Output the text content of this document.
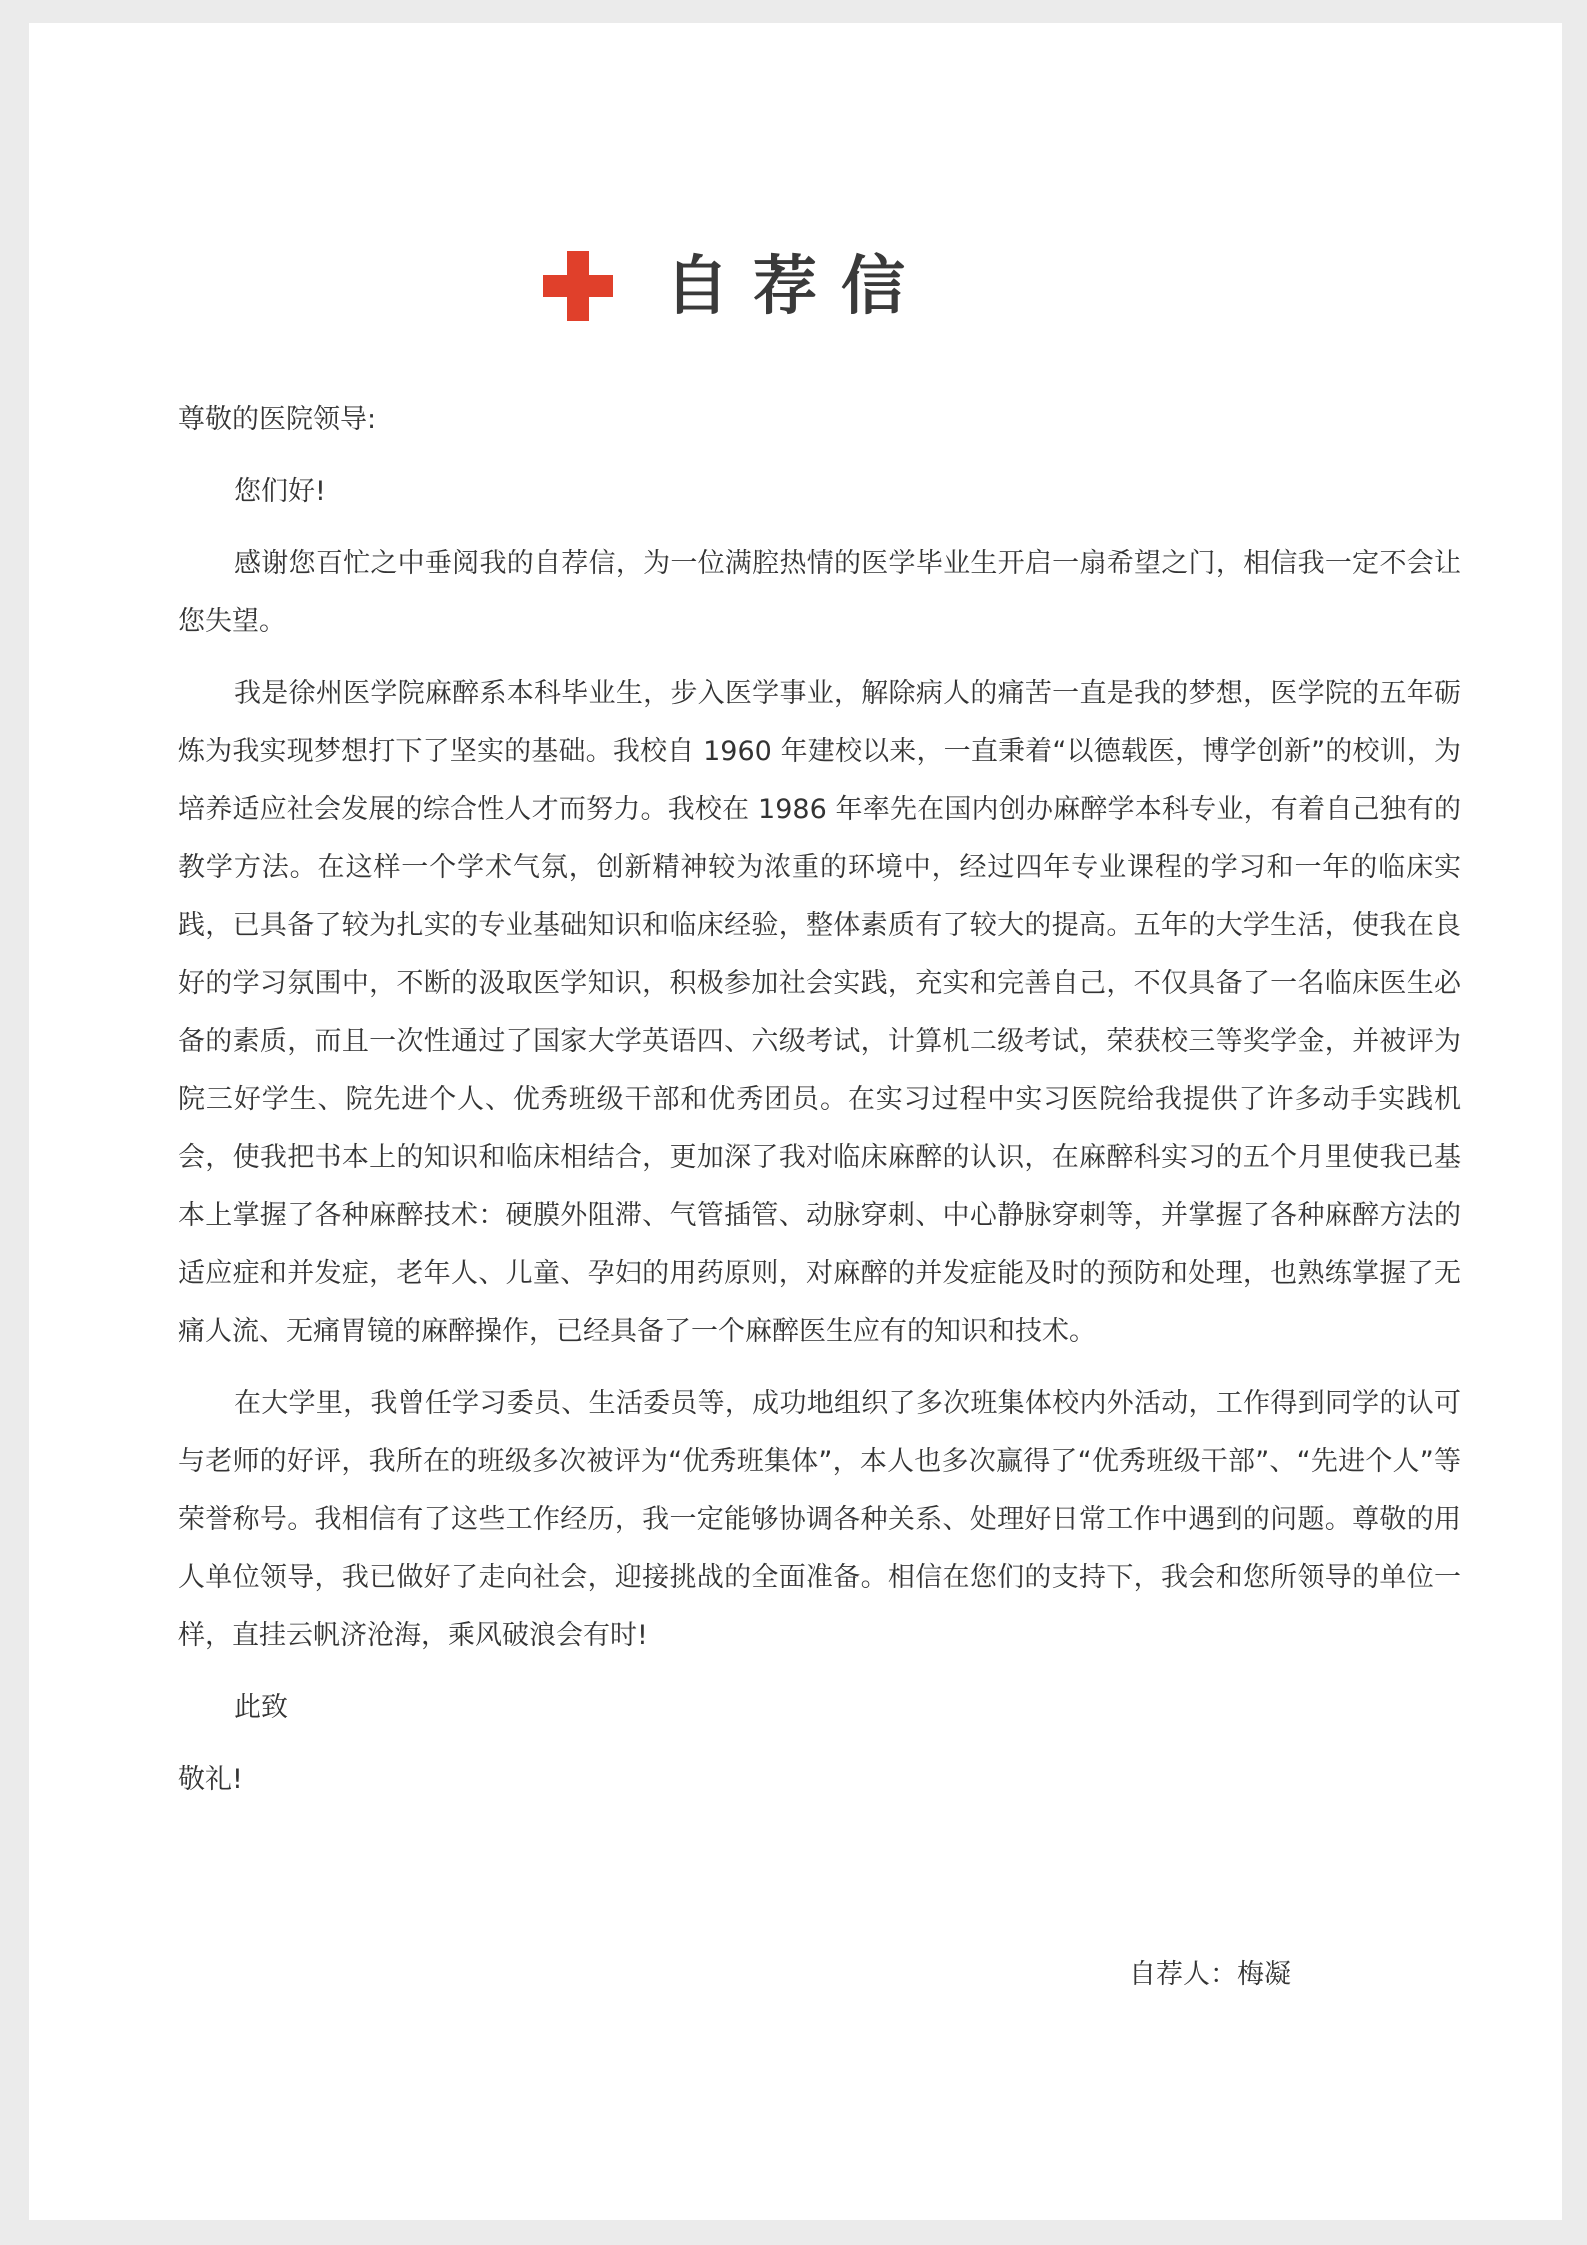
自荐信

尊敬的医院领导:

您们好!

感谢您百忙之中垂阅我的自荐信，为一位满腔热情的医学毕业生开启一扇希望之门，相信我一定不会让您失望。

我是徐州医学院麻醉系本科毕业生，步入医学事业，解除病人的痛苦一直是我的梦想，医学院的五年砺炼为我实现梦想打下了坚实的基础。我校自 1960 年建校以来，一直秉着“以德载医，博学创新”的校训，为培养适应社会发展的综合性人才而努力。我校在 1986 年率先在国内创办麻醉学本科专业，有着自己独有的教学方法。在这样一个学术气氛，创新精神较为浓重的环境中，经过四年专业课程的学习和一年的临床实践，已具备了较为扎实的专业基础知识和临床经验，整体素质有了较大的提高。五年的大学生活，使我在良好的学习氛围中，不断的汲取医学知识，积极参加社会实践，充实和完善自己，不仅具备了一名临床医生必备的素质，而且一次性通过了国家大学英语四、六级考试，计算机二级考试，荣获校三等奖学金，并被评为院三好学生、院先进个人、优秀班级干部和优秀团员。在实习过程中实习医院给我提供了许多动手实践机会，使我把书本上的知识和临床相结合，更加深了我对临床麻醉的认识，在麻醉科实习的五个月里使我已基本上掌握了各种麻醉技术：硬膜外阻滞、气管插管、动脉穿刺、中心静脉穿刺等，并掌握了各种麻醉方法的适应症和并发症，老年人、儿童、孕妇的用药原则，对麻醉的并发症能及时的预防和处理，也熟练掌握了无痛人流、无痛胃镜的麻醉操作，已经具备了一个麻醉医生应有的知识和技术。

在大学里，我曾任学习委员、生活委员等，成功地组织了多次班集体校内外活动，工作得到同学的认可与老师的好评，我所在的班级多次被评为“优秀班集体”，本人也多次赢得了“优秀班级干部”、“先进个人”等荣誉称号。我相信有了这些工作经历，我一定能够协调各种关系、处理好日常工作中遇到的问题。尊敬的用人单位领导，我已做好了走向社会，迎接挑战的全面准备。相信在您们的支持下，我会和您所领导的单位一样，直挂云帆济沧海，乘风破浪会有时!

此致

敬礼!

自荐人：梅凝
